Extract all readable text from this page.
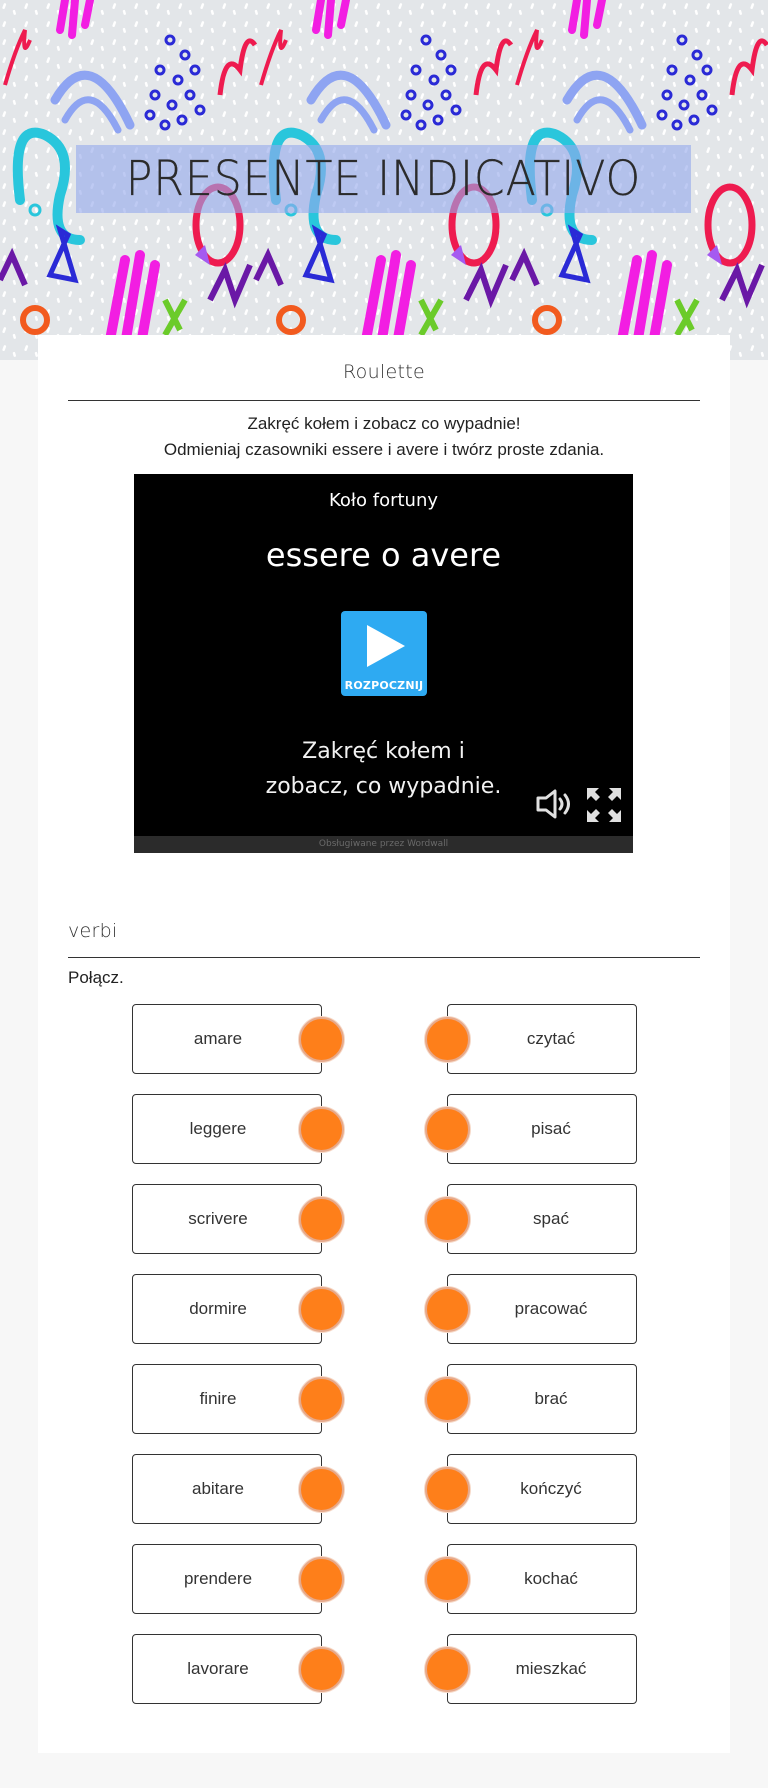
PRESENTE INDICATIVO
Roulette
Zakręć kołem i zobacz co wypadnie!
Odmieniaj czasowniki essere i avere i twórz proste zdania.
Koło fortuny
essere o avere
ROZPOCZNIJ
Zakręć kołem i
zobacz, co wypadnie.
Obsługiwane przez Wordwall
verbi
Połącz.
amare	czytać
leggere	pisać
scrivere	spać
dormire	pracować
finire	brać
abitare	kończyć
prendere	kochać
lavorare	mieszkać
